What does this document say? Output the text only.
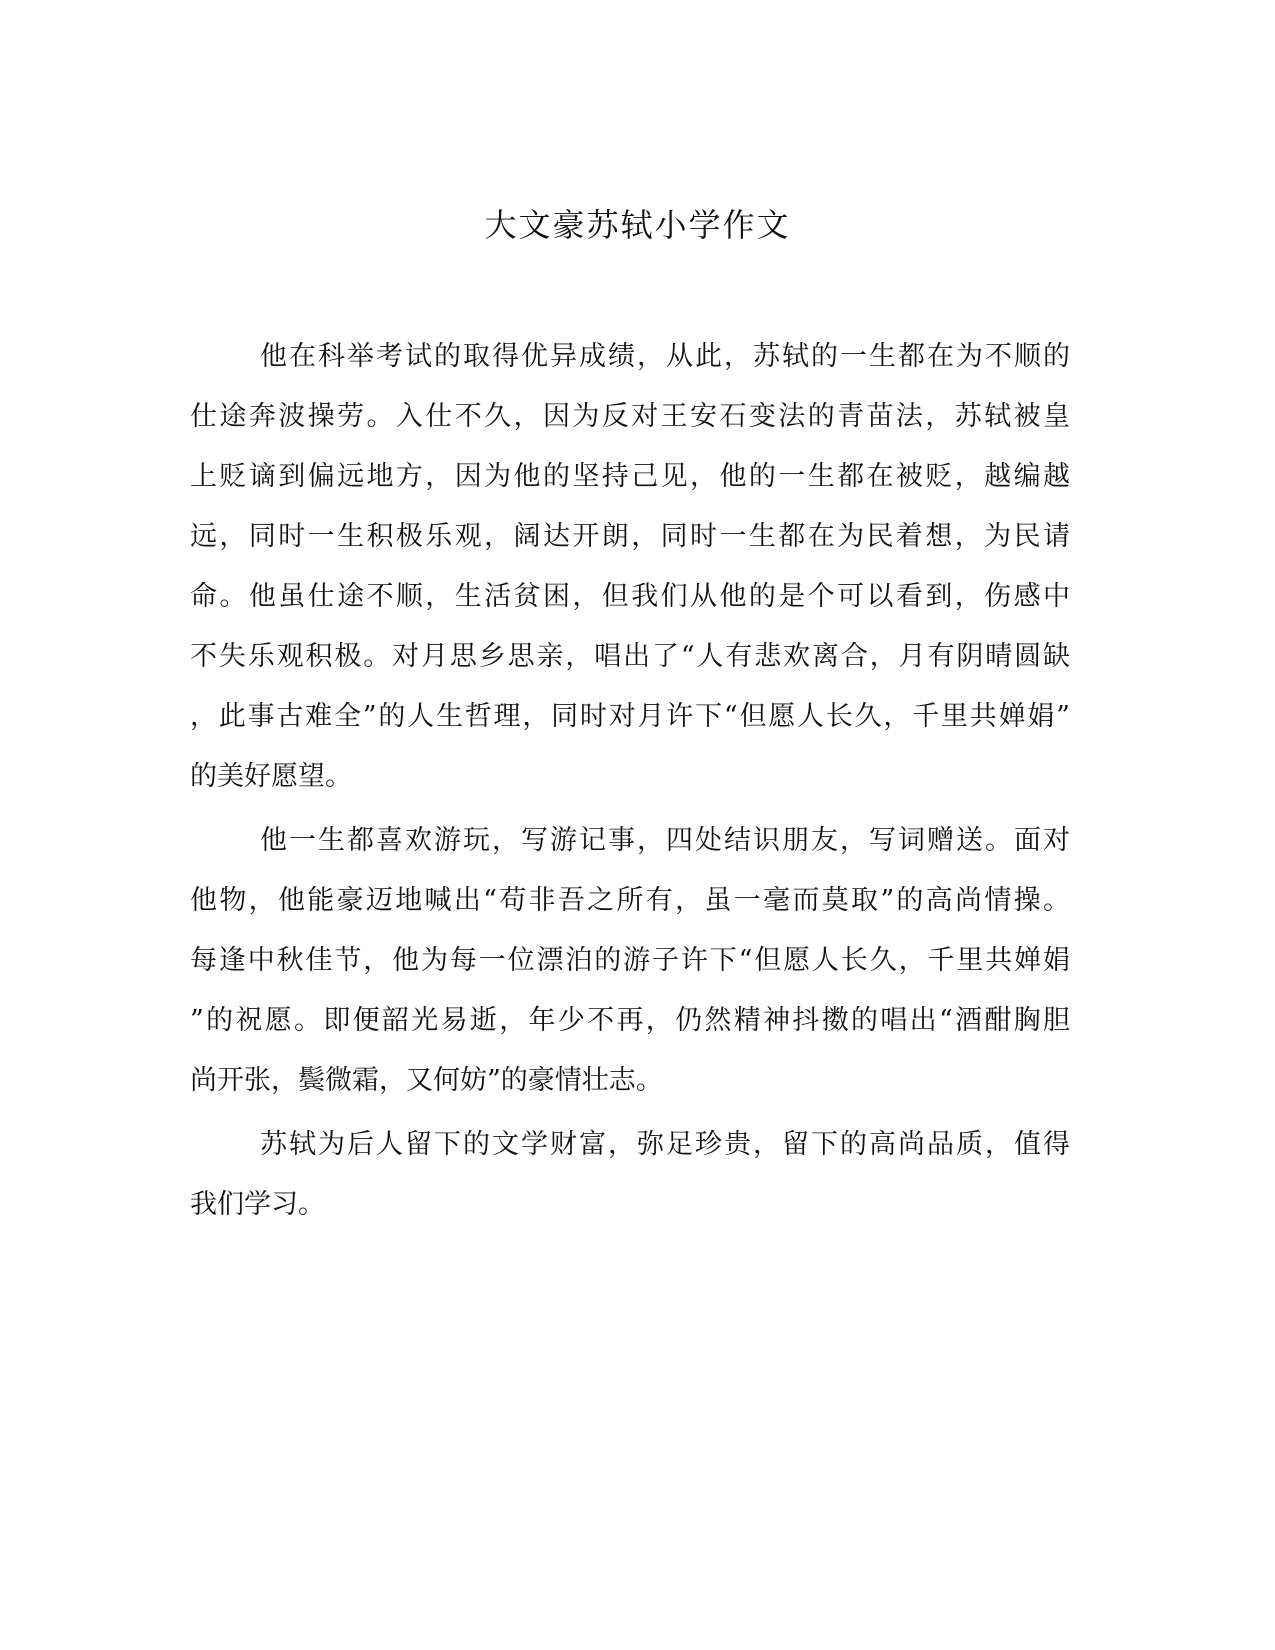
大文豪苏轼小学作文
他在科举考试的取得优异成绩，从此，苏轼的一生都在为不顺的
仕途奔波操劳。入仕不久，因为反对王安石变法的青苗法，苏轼被皇
上贬谪到偏远地方，因为他的坚持己见，他的一生都在被贬，越编越
远，同时一生积极乐观，阔达开朗，同时一生都在为民着想，为民请
命。他虽仕途不顺，生活贫困，但我们从他的是个可以看到，伤感中
不失乐观积极。对月思乡思亲，唱出了“人有悲欢离合，月有阴晴圆缺
，此事古难全”的人生哲理，同时对月许下“但愿人长久，千里共婵娟”
的美好愿望。
他一生都喜欢游玩，写游记事，四处结识朋友，写词赠送。面对
他物，他能豪迈地喊出“苟非吾之所有，虽一毫而莫取”的高尚情操。
每逢中秋佳节，他为每一位漂泊的游子许下“但愿人长久，千里共婵娟
”的祝愿。即便韶光易逝，年少不再，仍然精神抖擞的唱出“酒酣胸胆
尚开张，鬓微霜，又何妨”的豪情壮志。
苏轼为后人留下的文学财富，弥足珍贵，留下的高尚品质，值得
我们学习。
